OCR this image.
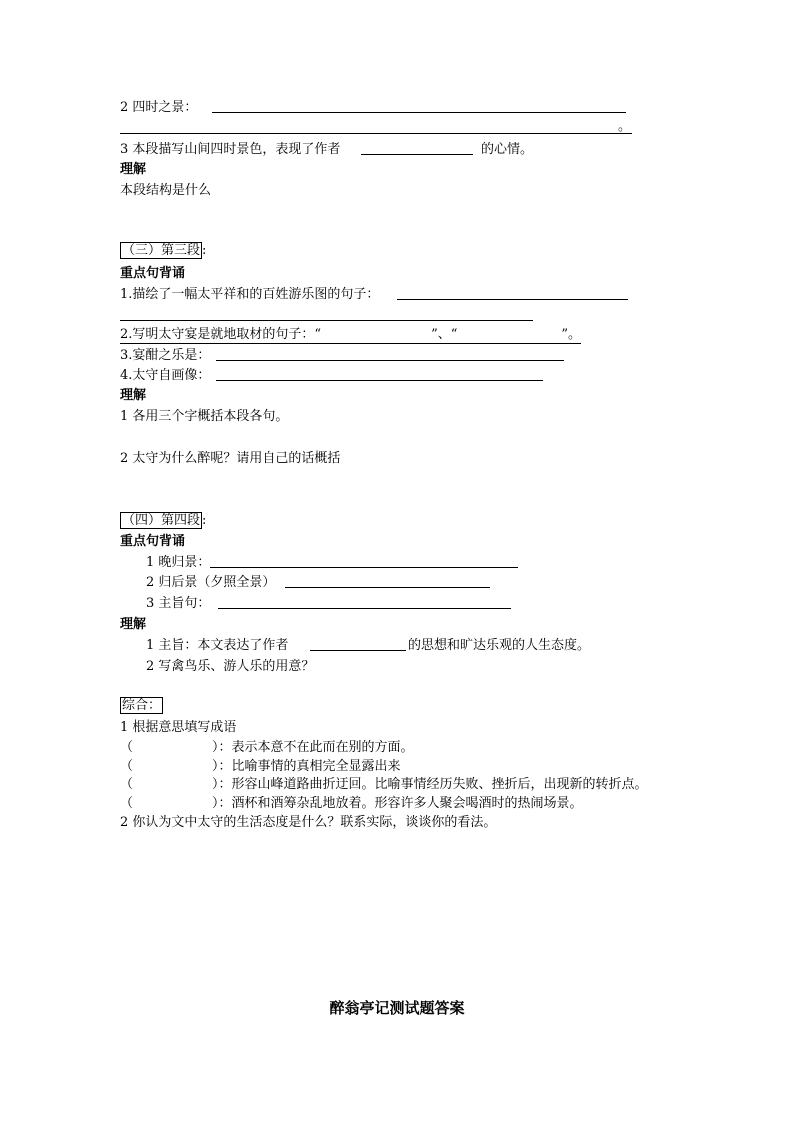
2 四时之景：
。
3 本段描写山间四时景色，表现了作者	的心情。
理解
本段结构是什么
（三）第三段 :
重点句背诵
1.描绘了一幅太平祥和的百姓游乐图的句子：
2.写明太守宴是就地取材的句子：“	”、“	”。
3.宴酣之乐是：
4.太守自画像：
理解
1 各用三个字概括本段各句。
2 太守为什么醉呢？请用自己的话概括
（四）第四段 :
重点句背诵
1 晚归景：
2 归后景（夕照全景）
3 主旨句：
理解
1 主旨：本文表达了作者	的思想和旷达乐观的人生态度。
2 写禽鸟乐、游人乐的用意？
综合：
1 根据意思填写成语
（	）：表示本意不在此而在别的方面。
（	）：比喻事情的真相完全显露出来
（	）：形容山峰道路曲折迂回。比喻事情经历失败、挫折后，出现新的转折点。
（	）：酒杯和酒筹杂乱地放着。形容许多人聚会喝酒时的热闹场景。
2 你认为文中太守的生活态度是什么？联系实际，谈谈你的看法。
醉翁亭记测试题答案
